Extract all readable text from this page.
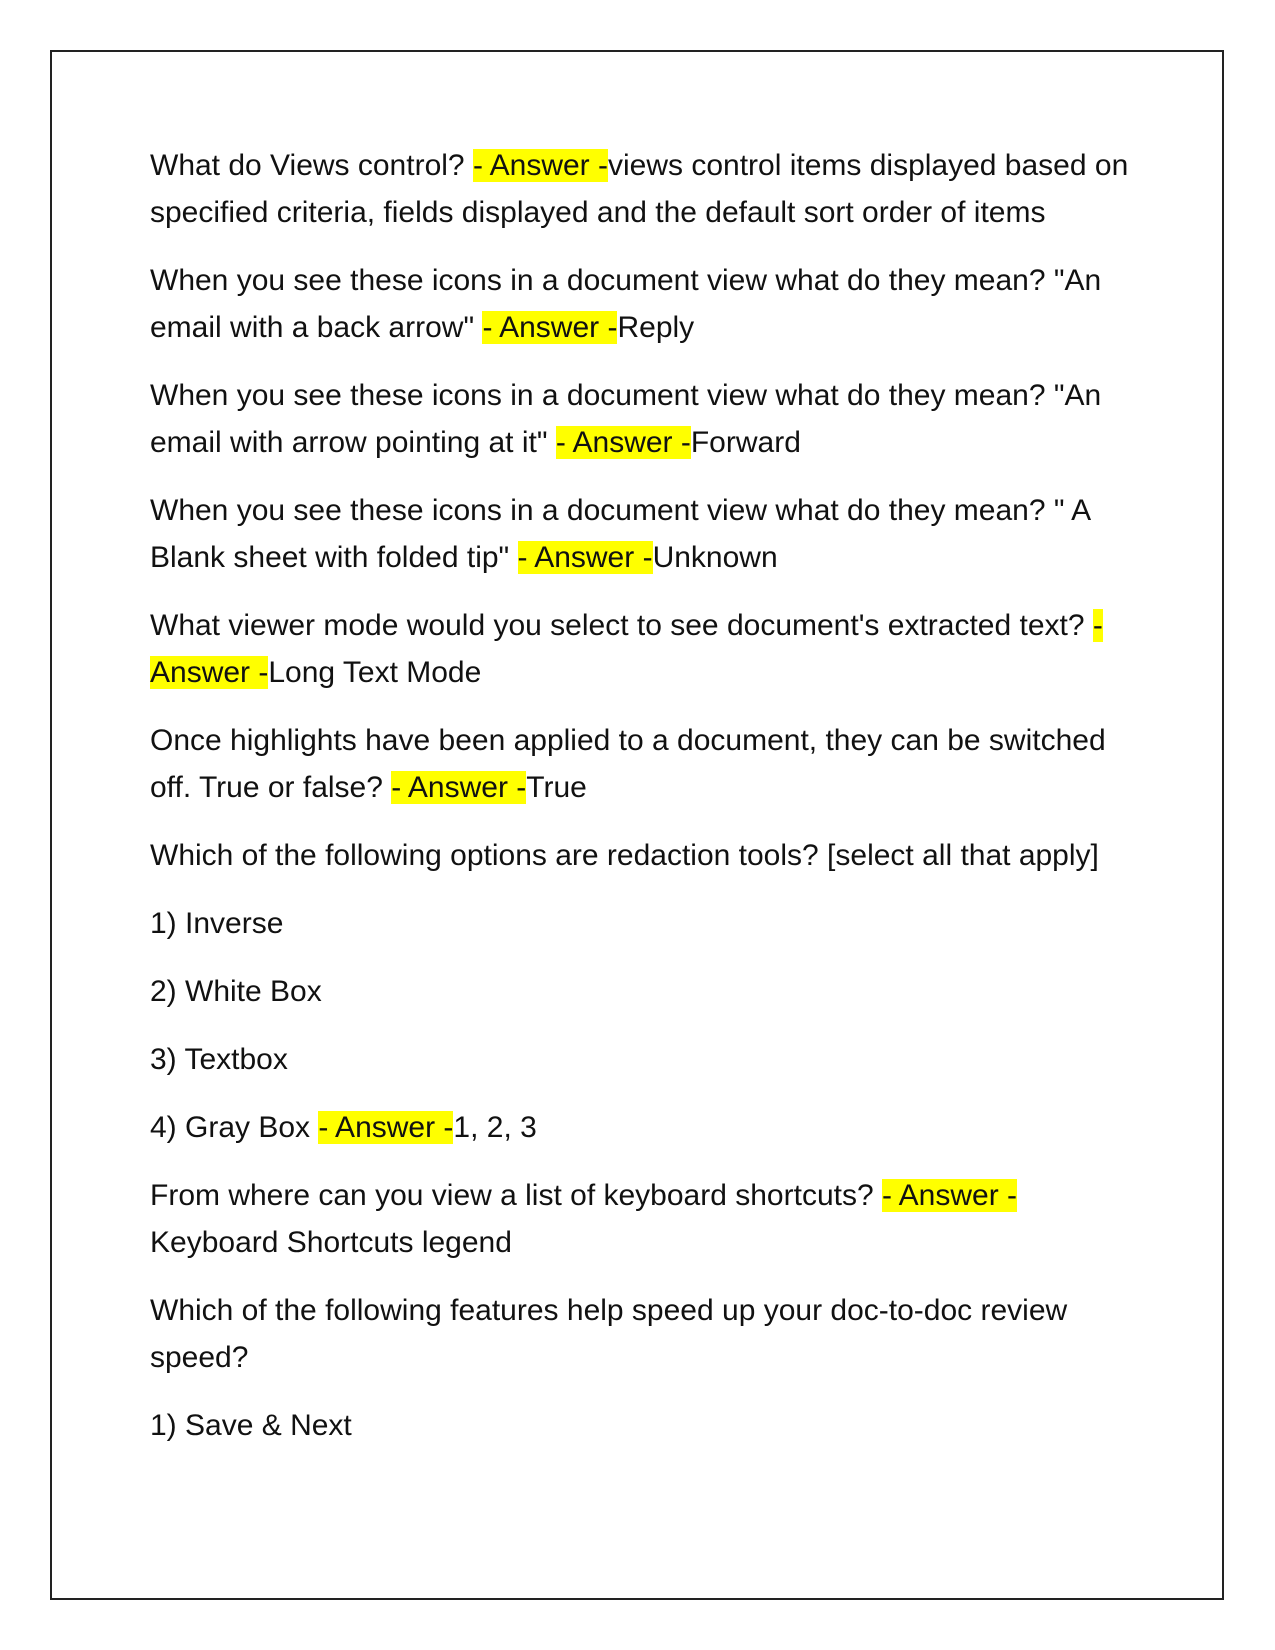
What do Views control? - Answer -views control items displayed based on specified criteria, fields displayed and the default sort order of items

When you see these icons in a document view what do they mean? "An email with a back arrow" - Answer -Reply

When you see these icons in a document view what do they mean? "An email with arrow pointing at it" - Answer -Forward

When you see these icons in a document view what do they mean? " A Blank sheet with folded tip" - Answer -Unknown

What viewer mode would you select to see document's extracted text? - Answer -Long Text Mode

Once highlights have been applied to a document, they can be switched off. True or false? - Answer -True

Which of the following options are redaction tools? [select all that apply]

1) Inverse

2) White Box

3) Textbox

4) Gray Box - Answer -1, 2, 3

From where can you view a list of keyboard shortcuts? - Answer -
Keyboard Shortcuts legend

Which of the following features help speed up your doc-to-doc review speed?

1) Save & Next
